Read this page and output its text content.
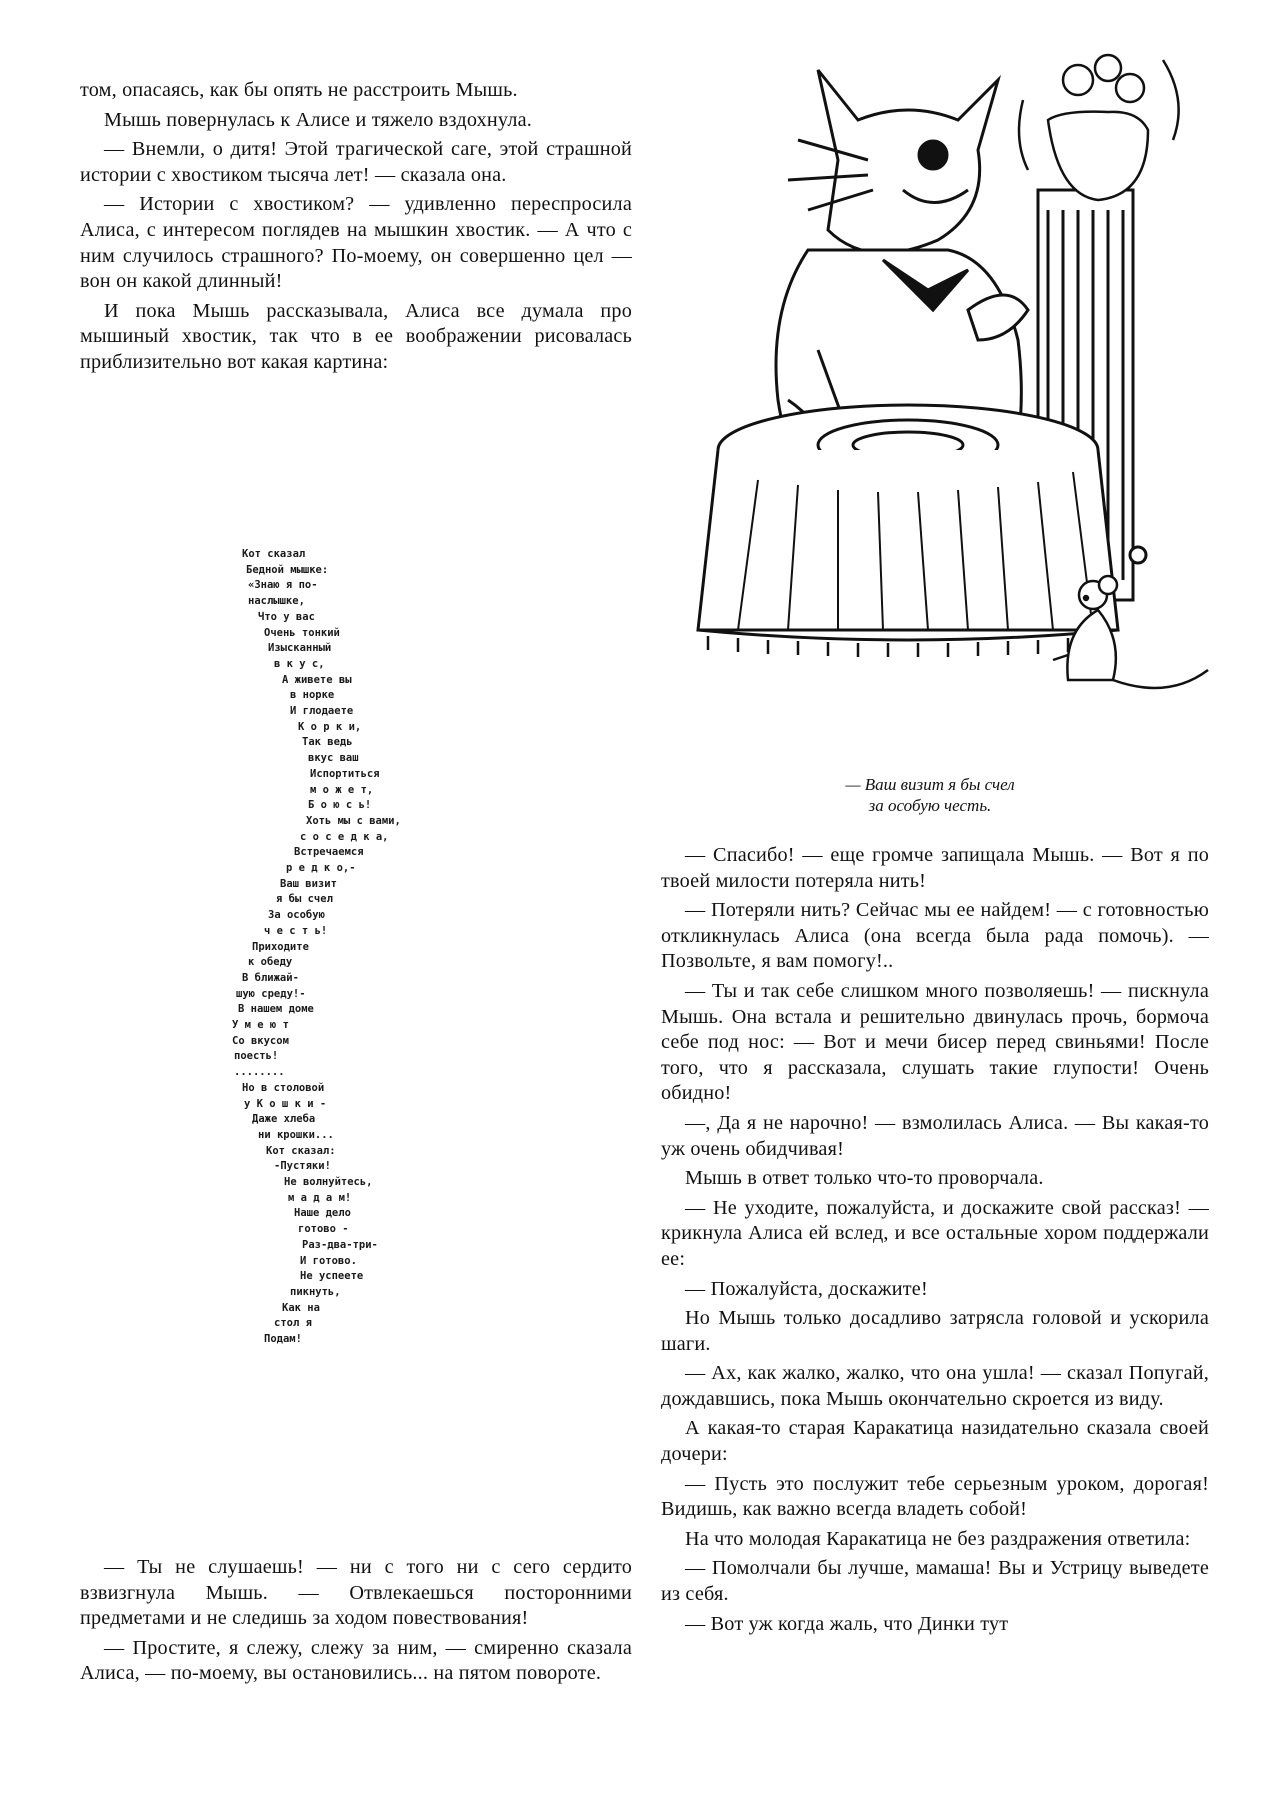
том, опасаясь, как бы опять не расстроить Мышь.

Мышь повернулась к Алисе и тяжело вздохнула.

— Внемли, о дитя! Этой трагической саге, этой страшной истории с хвостиком тысяча лет! — сказала она.

— Истории с хвостиком? — удивленно переспросила Алиса, с интересом поглядев на мышкин хвостик. — А что с ним случилось страшного? По-моему, он совершенно цел — вон он какой длинный!

И пока Мышь рассказывала, Алиса все думала про мышиный хвостик, так что в ее воображении рисовалась приблизительно вот какая картина:

Кот сказал
Бедной мышке:
«Знаю я по-
наслышке,
Что у вас
Очень тонкий
Изысканный
в к у с,
А живете вы
в норке
И глодаете
К о р к и,
Так ведь
вкус ваш
Испортиться
м о ж е т,
Б о ю с ь!
Хоть мы с вами,
с о с е д к а,
Встречаемся
р е д к о,-
Ваш визит
я бы счел
За особую
ч е с т ь!
Приходите
к обеду
В ближай-
шую среду!-
В нашем доме
У м е ю т
Со вкусом
поесть!
........
Но в столовой
у К о ш к и -
Даже хлеба
ни крошки...
Кот сказал:
-Пустяки!
Не волнуйтесь,
м а д а м!
Наше дело
готово -
Раз-два-три-
И готово.
Не успеете
пикнуть,
Как на
стол я
Подам!

— Ты не слушаешь! — ни с того ни с сего сердито взвизгнула Мышь. — Отвлекаешься посторонними предметами и не следишь за ходом повествования!

— Простите, я слежу, слежу за ним, — смиренно сказала Алиса, — по-моему, вы остановились... на пятом повороте.

— Ваш визит я бы счел
за особую честь.

— Спасибо! — еще громче запищала Мышь. — Вот я по твоей милости потеряла нить!

— Потеряли нить? Сейчас мы ее найдем! — с готовностью откликнулась Алиса (она всегда была рада помочь). — Позвольте, я вам помогу!..

— Ты и так себе слишком много позволяешь! — пискнула Мышь. Она встала и решительно двинулась прочь, бормоча себе под нос: — Вот и мечи бисер перед свиньями! После того, что я рассказала, слушать такие глупости! Очень обидно!

—, Да я не нарочно! — взмолилась Алиса. — Вы какая-то уж очень обидчивая!

Мышь в ответ только что-то проворчала.

— Не уходите, пожалуйста, и доскажите свой рассказ! — крикнула Алиса ей вслед, и все остальные хором поддержали ее:

— Пожалуйста, доскажите!

Но Мышь только досадливо затрясла головой и ускорила шаги.

— Ах, как жалко, жалко, что она ушла! — сказал Попугай, дождавшись, пока Мышь окончательно скроется из виду.

А какая-то старая Каракатица назидательно сказала своей дочери:

— Пусть это послужит тебе серьезным уроком, дорогая! Видишь, как важно всегда владеть собой!

На что молодая Каракатица не без раздражения ответила:

— Помолчали бы лучше, мамаша! Вы и Устрицу выведете из себя.

— Вот уж когда жаль, что Динки тут
